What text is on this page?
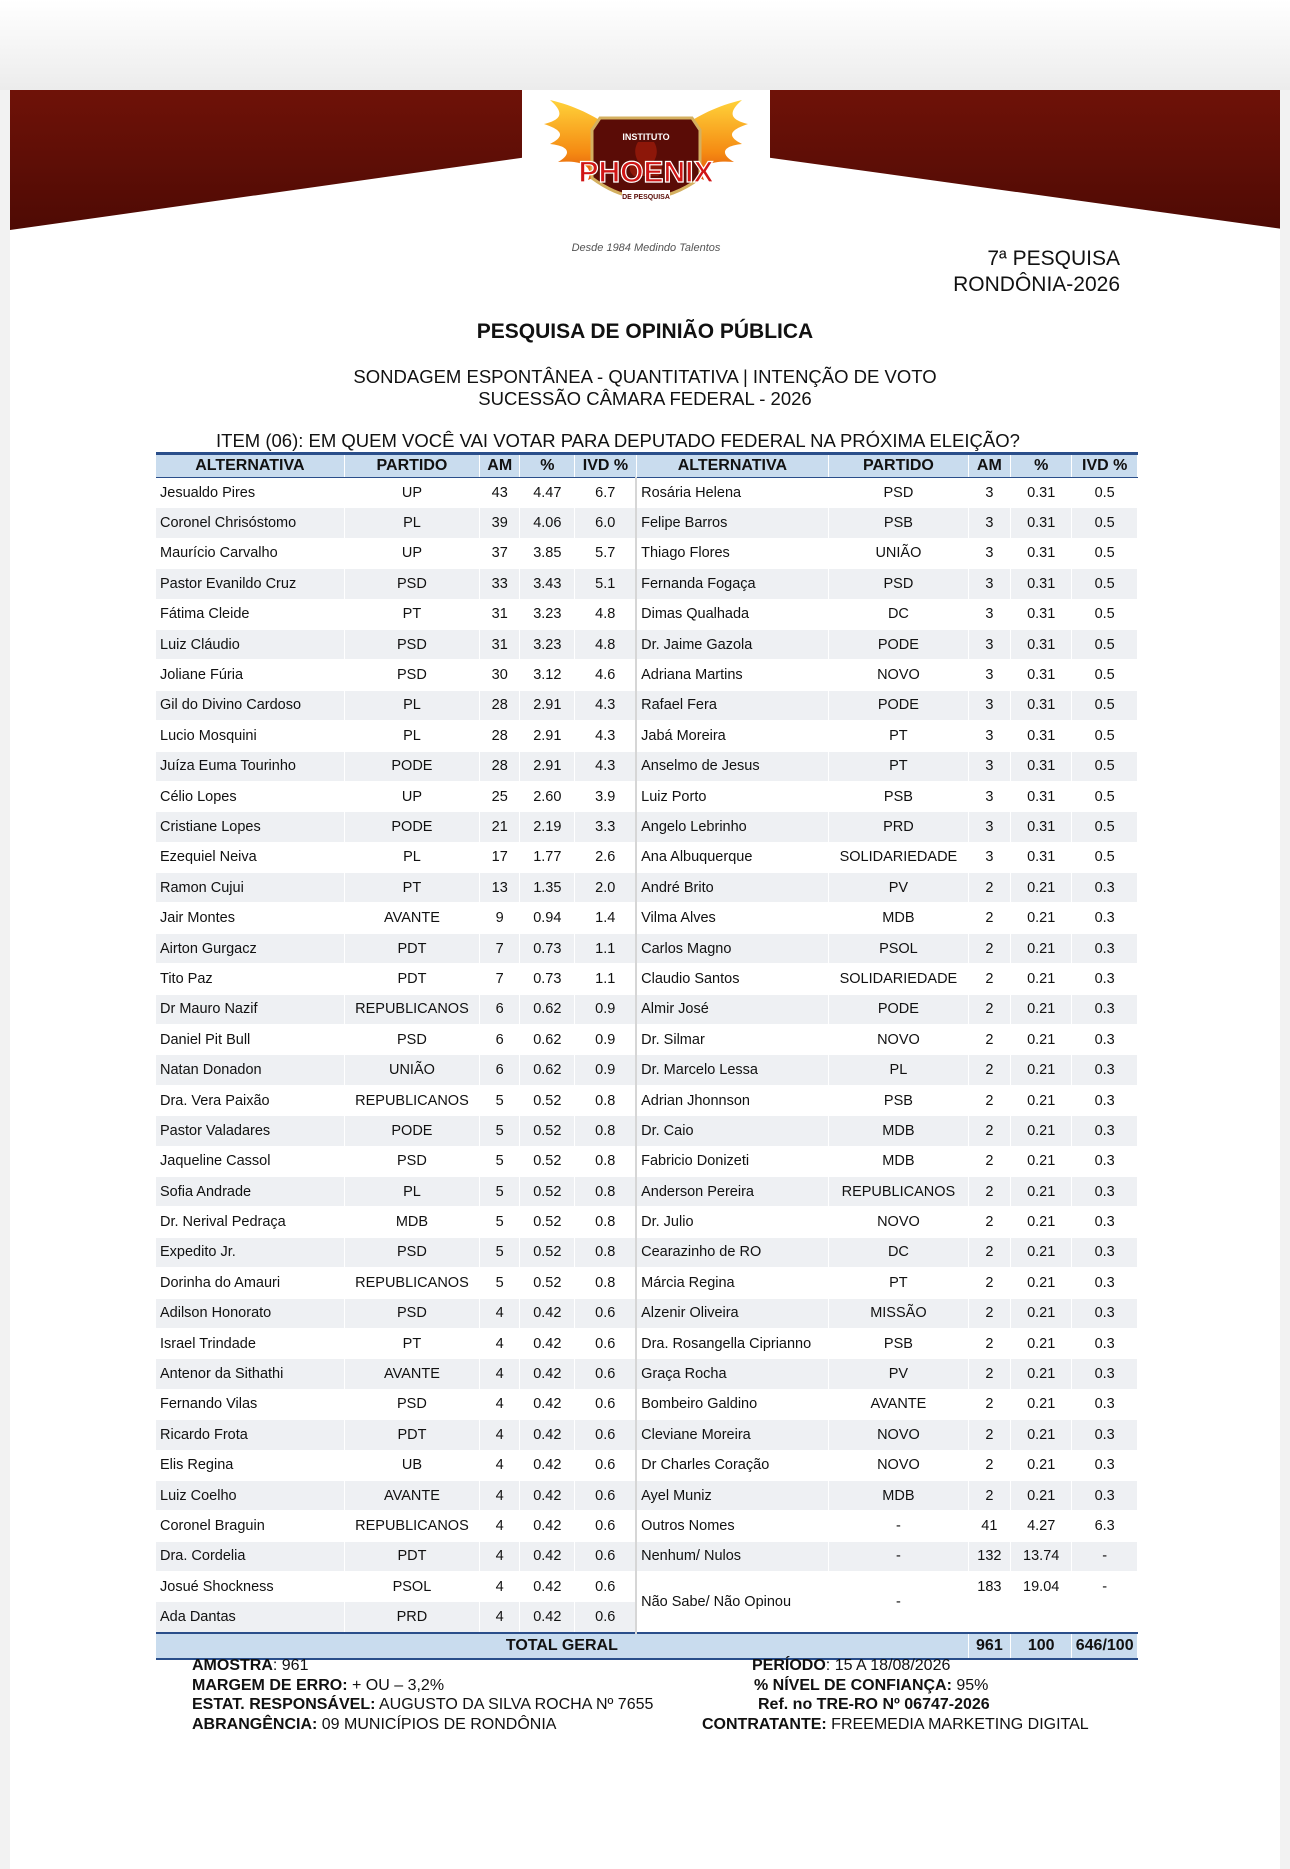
INSTITUTO
PHOENIX
DE PESQUISA
Desde 1984 Medindo Talentos	7ª PESQUISA
RONDÔNIA-2026
PESQUISA DE OPINIÃO PÚBLICA
SONDAGEM ESPONTÂNEA - QUANTITATIVA | INTENÇÃO DE VOTO
SUCESSÃO CÂMARA FEDERAL - 2026
ITEM (06): EM QUEM VOCÊ VAI VOTAR PARA DEPUTADO FEDERAL NA PRÓXIMA ELEIÇÃO?
ALTERNATIVA	PARTIDO	AM	%	IVD %	ALTERNATIVA	PARTIDO	AM	%	IVD %
Jesualdo Pires	UP	43	4.47	6.7	Rosária Helena	PSD	3	0.31	0.5
Coronel Chrisóstomo	PL	39	4.06	6.0	Felipe Barros	PSB	3	0.31	0.5
Maurício Carvalho	UP	37	3.85	5.7	Thiago Flores	UNIÃO	3	0.31	0.5
Pastor Evanildo Cruz	PSD	33	3.43	5.1	Fernanda Fogaça	PSD	3	0.31	0.5
Fátima Cleide	PT	31	3.23	4.8	Dimas Qualhada	DC	3	0.31	0.5
Luiz Cláudio	PSD	31	3.23	4.8	Dr. Jaime Gazola	PODE	3	0.31	0.5
Joliane Fúria	PSD	30	3.12	4.6	Adriana Martins	NOVO	3	0.31	0.5
Gil do Divino Cardoso	PL	28	2.91	4.3	Rafael Fera	PODE	3	0.31	0.5
Lucio Mosquini	PL	28	2.91	4.3	Jabá Moreira	PT	3	0.31	0.5
Juíza Euma Tourinho	PODE	28	2.91	4.3	Anselmo de Jesus	PT	3	0.31	0.5
Célio Lopes	UP	25	2.60	3.9	Luiz Porto	PSB	3	0.31	0.5
Cristiane Lopes	PODE	21	2.19	3.3	Angelo Lebrinho	PRD	3	0.31	0.5
Ezequiel Neiva	PL	17	1.77	2.6	Ana Albuquerque	SOLIDARIEDADE	3	0.31	0.5
Ramon Cujui	PT	13	1.35	2.0	André Brito	PV	2	0.21	0.3
Jair Montes	AVANTE	9	0.94	1.4	Vilma Alves	MDB	2	0.21	0.3
Airton Gurgacz	PDT	7	0.73	1.1	Carlos Magno	PSOL	2	0.21	0.3
Tito Paz	PDT	7	0.73	1.1	Claudio Santos	SOLIDARIEDADE	2	0.21	0.3
Dr Mauro Nazif	REPUBLICANOS	6	0.62	0.9	Almir José	PODE	2	0.21	0.3
Daniel Pit Bull	PSD	6	0.62	0.9	Dr. Silmar	NOVO	2	0.21	0.3
Natan Donadon	UNIÃO	6	0.62	0.9	Dr. Marcelo Lessa	PL	2	0.21	0.3
Dra. Vera Paixão	REPUBLICANOS	5	0.52	0.8	Adrian Jhonnson	PSB	2	0.21	0.3
Pastor Valadares	PODE	5	0.52	0.8	Dr. Caio	MDB	2	0.21	0.3
Jaqueline Cassol	PSD	5	0.52	0.8	Fabricio Donizeti	MDB	2	0.21	0.3
Sofia Andrade	PL	5	0.52	0.8	Anderson Pereira	REPUBLICANOS	2	0.21	0.3
Dr. Nerival Pedraça	MDB	5	0.52	0.8	Dr. Julio	NOVO	2	0.21	0.3
Expedito Jr.	PSD	5	0.52	0.8	Cearazinho de RO	DC	2	0.21	0.3
Dorinha do Amauri	REPUBLICANOS	5	0.52	0.8	Márcia Regina	PT	2	0.21	0.3
Adilson Honorato	PSD	4	0.42	0.6	Alzenir Oliveira	MISSÃO	2	0.21	0.3
Israel Trindade	PT	4	0.42	0.6	Dra. Rosangella Ciprianno	PSB	2	0.21	0.3
Antenor da Sithathi	AVANTE	4	0.42	0.6	Graça Rocha	PV	2	0.21	0.3
Fernando Vilas	PSD	4	0.42	0.6	Bombeiro Galdino	AVANTE	2	0.21	0.3
Ricardo Frota	PDT	4	0.42	0.6	Cleviane Moreira	NOVO	2	0.21	0.3
Elis Regina	UB	4	0.42	0.6	Dr Charles Coração	NOVO	2	0.21	0.3
Luiz Coelho	AVANTE	4	0.42	0.6	Ayel Muniz	MDB	2	0.21	0.3
Coronel Braguin	REPUBLICANOS	4	0.42	0.6	Outros Nomes	-	41	4.27	6.3
Dra. Cordelia	PDT	4	0.42	0.6	Nenhum/ Nulos	-	132	13.74	-
Josué Shockness	PSOL	4	0.42	0.6	Não Sabe/ Não Opinou	-	183	19.04	-
Ada Dantas	PRD	4	0.42	0.6					
TOTAL GERAL							961	100	646/100
AMOSTRA: 961
MARGEM DE ERRO: + OU – 3,2%
ESTAT. RESPONSÁVEL: AUGUSTO DA SILVA ROCHA Nº 7655
ABRANGÊNCIA: 09 MUNICÍPIOS DE RONDÔNIA
PERÍODO: 15 A 18/08/2026
% NÍVEL DE CONFIANÇA: 95%
Ref. no TRE-RO Nº 06747-2026
CONTRATANTE: FREEMEDIA MARKETING DIGITAL
